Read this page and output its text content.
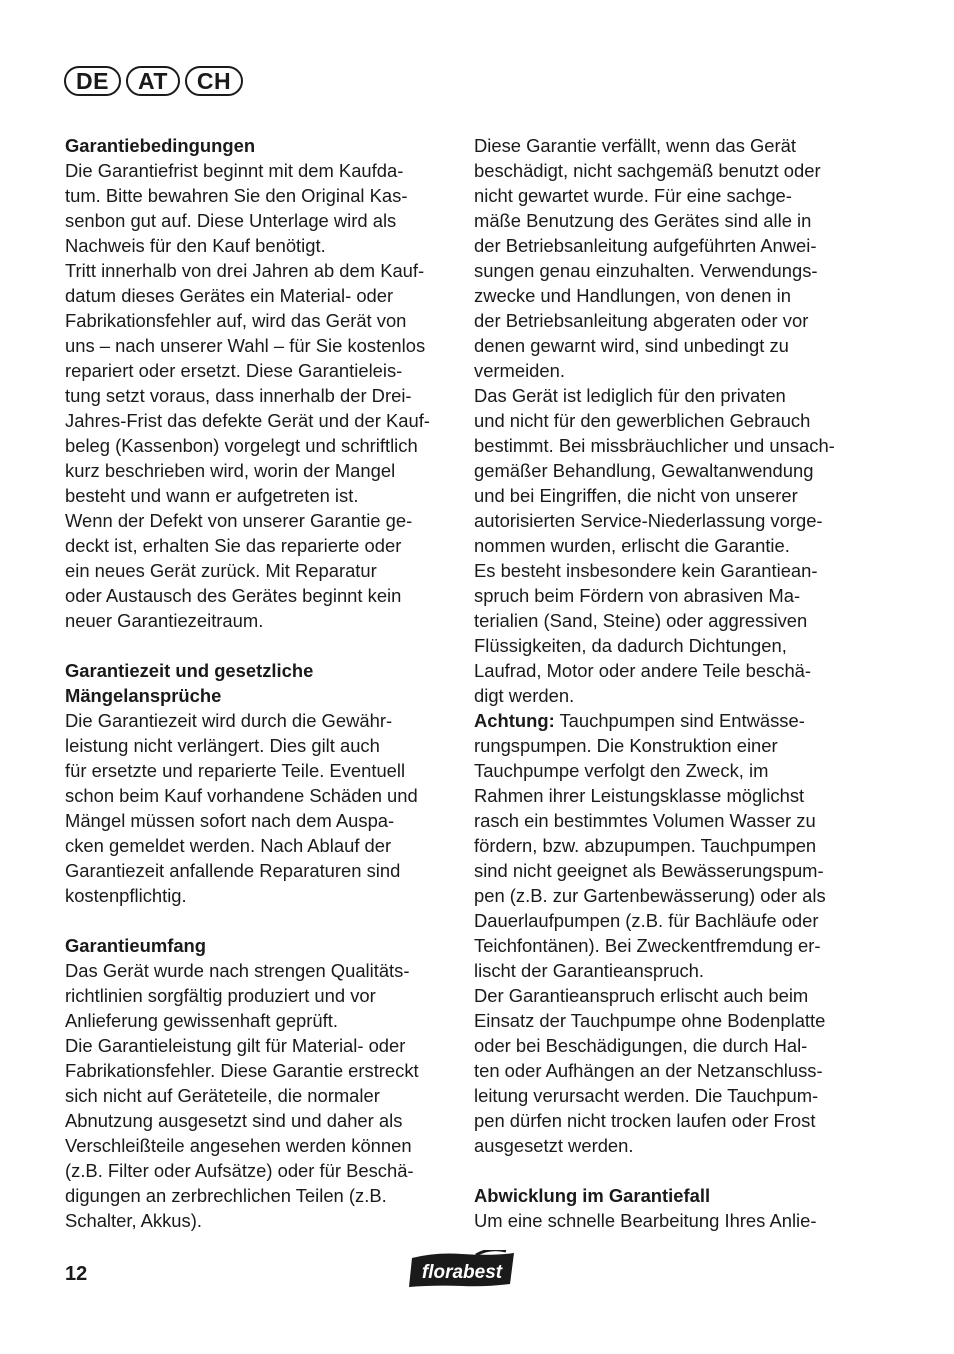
DE	AT	CH
Garantiebedingungen
Die Garantiefrist beginnt mit dem Kaufda-
tum. Bitte bewahren Sie den Original Kas-
senbon gut auf. Diese Unterlage wird als
Nachweis für den Kauf benötigt.
Tritt innerhalb von drei Jahren ab dem Kauf-
datum dieses Gerätes ein Material- oder
Fabrikationsfehler auf, wird das Gerät von
uns – nach unserer Wahl – für Sie kostenlos
repariert oder ersetzt. Diese Garantieleis-
tung setzt voraus, dass innerhalb der Drei-
Jahres-Frist das defekte Gerät und der Kauf-
beleg (Kassenbon) vorgelegt und schriftlich
kurz beschrieben wird, worin der Mangel
besteht und wann er aufgetreten ist.
Wenn der Defekt von unserer Garantie ge-
deckt ist, erhalten Sie das reparierte oder
ein neues Gerät zurück. Mit Reparatur
oder Austausch des Gerätes beginnt kein
neuer Garantiezeitraum.
Garantiezeit und gesetzliche
Mängelansprüche
Die Garantiezeit wird durch die Gewähr-
leistung nicht verlängert. Dies gilt auch
für ersetzte und reparierte Teile. Eventuell
schon beim Kauf vorhandene Schäden und
Mängel müssen sofort nach dem Auspa-
cken gemeldet werden. Nach Ablauf der
Garantiezeit anfallende Reparaturen sind
kostenpflichtig.
Garantieumfang
Das Gerät wurde nach strengen Qualitäts-
richtlinien sorgfältig produziert und vor
Anlieferung gewissenhaft geprüft.
Die Garantieleistung gilt für Material- oder
Fabrikationsfehler. Diese Garantie erstreckt
sich nicht auf Geräteteile, die normaler
Abnutzung ausgesetzt sind und daher als
Verschleißteile angesehen werden können
(z.B. Filter oder Aufsätze) oder für Beschä-
digungen an zerbrechlichen Teilen (z.B.
Schalter, Akkus).
Diese Garantie verfällt, wenn das Gerät
beschädigt, nicht sachgemäß benutzt oder
nicht gewartet wurde. Für eine sachge-
mäße Benutzung des Gerätes sind alle in
der Betriebsanleitung aufgeführten Anwei-
sungen genau einzuhalten. Verwendungs-
zwecke und Handlungen, von denen in
der Betriebsanleitung abgeraten oder vor
denen gewarnt wird, sind unbedingt zu
vermeiden.
Das Gerät ist lediglich für den privaten
und nicht für den gewerblichen Gebrauch
bestimmt. Bei missbräuchlicher und unsach-
gemäßer Behandlung, Gewaltanwendung
und bei Eingriffen, die nicht von unserer
autorisierten Service-Niederlassung vorge-
nommen wurden, erlischt die Garantie.
Es besteht insbesondere kein Garantiean-
spruch beim Fördern von abrasiven Ma-
terialien (Sand, Steine) oder aggressiven
Flüssigkeiten, da dadurch Dichtungen,
Laufrad, Motor oder andere Teile beschä-
digt werden.
Achtung: Tauchpumpen sind Entwässe-
rungspumpen. Die Konstruktion einer
Tauchpumpe verfolgt den Zweck, im
Rahmen ihrer Leistungsklasse möglichst
rasch ein bestimmtes Volumen Wasser zu
fördern, bzw. abzupumpen. Tauchpumpen
sind nicht geeignet als Bewässerungspum-
pen (z.B. zur Gartenbewässerung) oder als
Dauerlaufpumpen (z.B. für Bachläufe oder
Teichfontänen). Bei Zweckentfremdung er-
lischt der Garantieanspruch.
Der Garantieanspruch erlischt auch beim
Einsatz der Tauchpumpe ohne Bodenplatte
oder bei Beschädigungen, die durch Hal-
ten oder Aufhängen an der Netzanschluss-
leitung verursacht werden. Die Tauchpum-
pen dürfen nicht trocken laufen oder Frost
ausgesetzt werden.
Abwicklung im Garantiefall
Um eine schnelle Bearbeitung Ihres Anlie-
12	florabest
